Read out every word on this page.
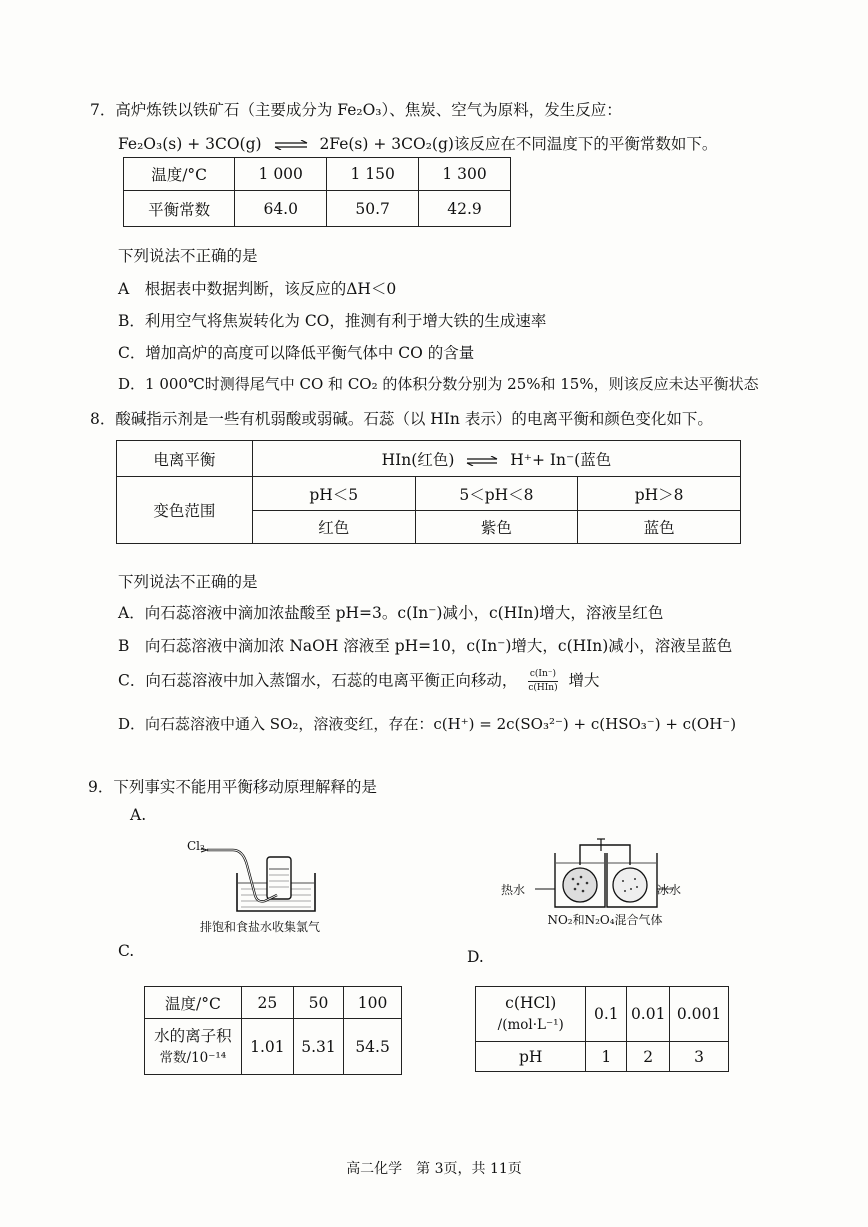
7．高炉炼铁以铁矿石（主要成分为 Fe₂O₃）、焦炭、空气为原料，发生反应：
Fe₂O₃(s) + 3CO(g) ⇌ 2Fe(s) + 3CO₂(g)该反应在不同温度下的平衡常数如下。
温度/°C	1 000	1 150	1 300
平衡常数	64.0	50.7	42.9
下列说法不正确的是
A　根据表中数据判断，该反应的ΔH＜0
B．利用空气将焦炭转化为 CO，推测有利于增大铁的生成速率
C．增加高炉的高度可以降低平衡气体中 CO 的含量
D．1 000℃时测得尾气中 CO 和 CO₂ 的体积分数分别为 25%和 15%，则该反应未达平衡状态
8．酸碱指示剂是一些有机弱酸或弱碱。石蕊（以 HIn 表示）的电离平衡和颜色变化如下。
电离平衡	HIn(红色) ⇌ H⁺+ In⁻(蓝色		
变色范围	pH＜5	5＜pH＜8	pH＞8
	红色	紫色	蓝色
下列说法不正确的是
A．向石蕊溶液中滴加浓盐酸至 pH=3。c(In⁻)减小，c(HIn)增大，溶液呈红色
B　向石蕊溶液中滴加浓 NaOH 溶液至 pH=10，c(In⁻)增大，c(HIn)减小，溶液呈蓝色
C．向石蕊溶液中加入蒸馏水，石蕊的电离平衡正向移动， $\frac{c(In^-)}{\text{c(HIn)}}$ 增大
D．向石蕊溶液中通入 SO₂，溶液变红，存在：c(H⁺) = 2c(SO₃²⁻) + c(HSO₃⁻) + c(OH⁻)
9．下列事实不能用平衡移动原理解释的是
A.
Cl₂
排饱和食盐水收集氯气
热水	冰水
NO₂和N₂O₄混合气体
C.	D.
温度/°C	25	50	100

水的离子积
常数/10⁻¹⁴	1.01	5.31	54.5
c(HCl)
/(mol·L⁻¹)	0.1	0.01	0.001
pH	1	2	3
高二化学　第 3页，共 11页
